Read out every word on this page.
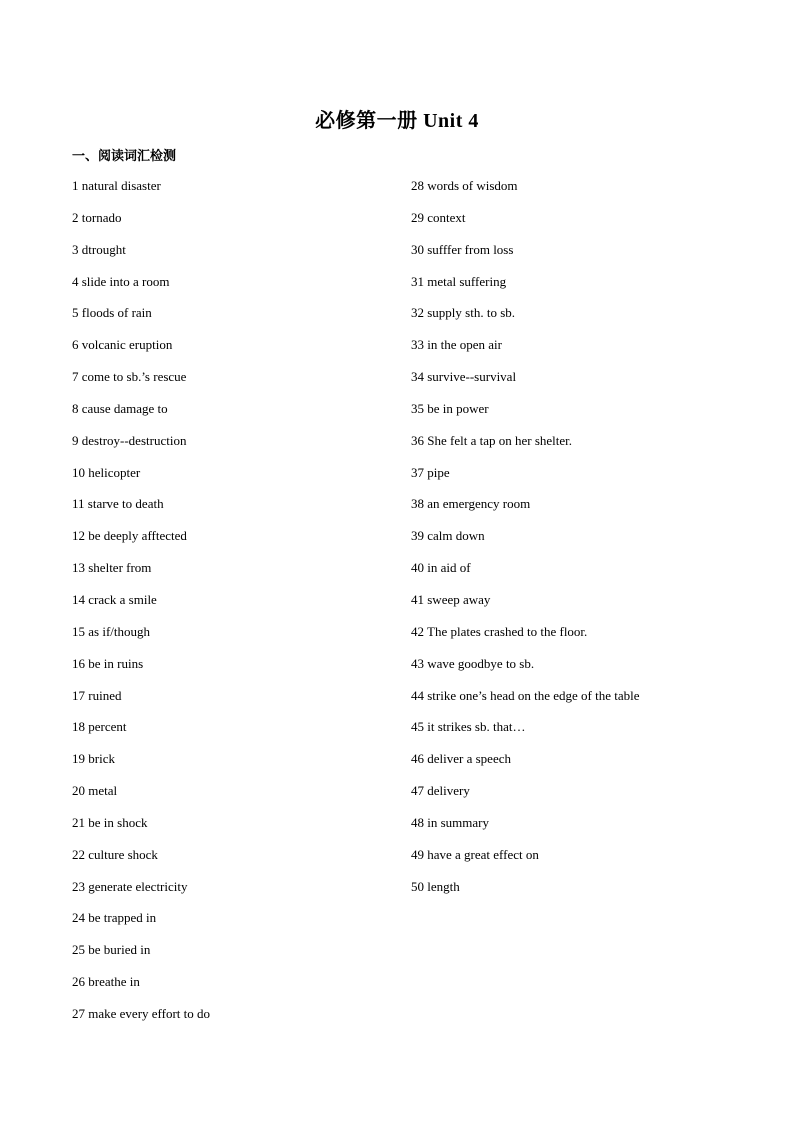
必修第一册 Unit 4
一、阅读词汇检测
1 natural disaster
2 tornado
3 dtrought
4 slide into a room
5 floods of rain
6 volcanic eruption
7 come to sb.’s rescue
8 cause damage to
9 destroy--destruction
10 helicopter
11 starve to death
12 be deeply afftected
13 shelter from
14 crack a smile
15 as if/though
16 be in ruins
17 ruined
18 percent
19 brick
20 metal
21 be in shock
22 culture shock
23 generate electricity
24 be trapped in
25 be buried in
26 breathe in
27 make every effort to do
28 words of wisdom
29 context
30 sufffer from loss
31 metal suffering
32 supply sth. to sb.
33 in the open air
34 survive--survival
35 be in power
36 She felt a tap on her shelter.
37 pipe
38 an emergency room
39 calm down
40 in aid of
41 sweep away
42 The plates crashed to the floor.
43 wave goodbye to sb.
44 strike one’s head on the edge of the table
45 it strikes sb. that…
46 deliver a speech
47 delivery
48 in summary
49 have a great effect on
50 length
